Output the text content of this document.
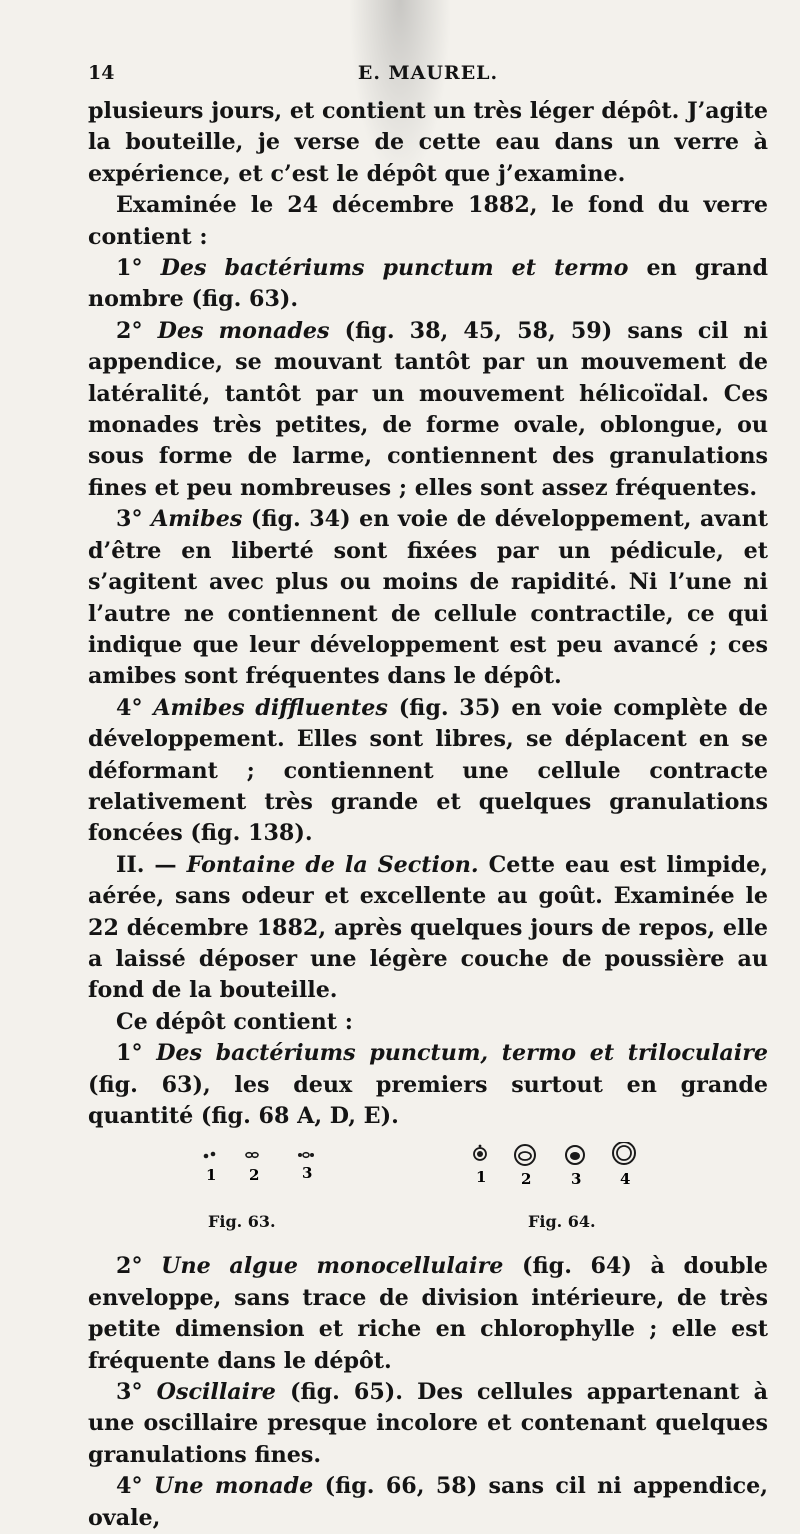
14	E. MAUREL.

plusieurs jours, et contient un très léger dépôt. J’agite la bouteille, je verse de cette eau dans un verre à expérience, et c’est le dépôt que j’examine.

Examinée le 24 décembre 1882, le fond du verre contient :

1° Des bactériums punctum et termo en grand nombre (fig. 63).

2° Des monades (fig. 38, 45, 58, 59) sans cil ni appendice, se mouvant tantôt par un mouvement de latéralité, tantôt par un mouvement hélicoïdal. Ces monades très petites, de forme ovale, oblongue, ou sous forme de larme, contiennent des granulations fines et peu nombreuses ; elles sont assez fréquentes.

3° Amibes (fig. 34) en voie de développement, avant d’être en liberté sont fixées par un pédicule, et s’agitent avec plus ou moins de rapidité. Ni l’une ni l’autre ne contiennent de cellule contractile, ce qui indique que leur développement est peu avancé ; ces amibes sont fréquentes dans le dépôt.

4° Amibes diffluentes (fig. 35) en voie complète de développement. Elles sont libres, se déplacent en se déformant ; contiennent une cellule contracte relativement très grande et quelques granulations foncées (fig. 138).

II. — Fontaine de la Section. Cette eau est limpide, aérée, sans odeur et excellente au goût. Examinée le 22 décembre 1882, après quelques jours de repos, elle a laissé déposer une légère couche de poussière au fond de la bouteille.

Ce dépôt contient :

1° Des bactériums punctum, termo et triloculaire (fig. 63), les deux premiers surtout en grande quantité (fig. 68 A, D, E).

1 2	3
Fig. 63.
1 2	3	4
Fig. 64.

2° Une algue monocellulaire (fig. 64) à double enveloppe, sans trace de division intérieure, de très petite dimension et riche en chlorophylle ; elle est fréquente dans le dépôt.

3° Oscillaire (fig. 65). Des cellules appartenant à une oscillaire presque incolore et contenant quelques granulations fines.

4° Une monade (fig. 66, 58) sans cil ni appendice, ovale,
